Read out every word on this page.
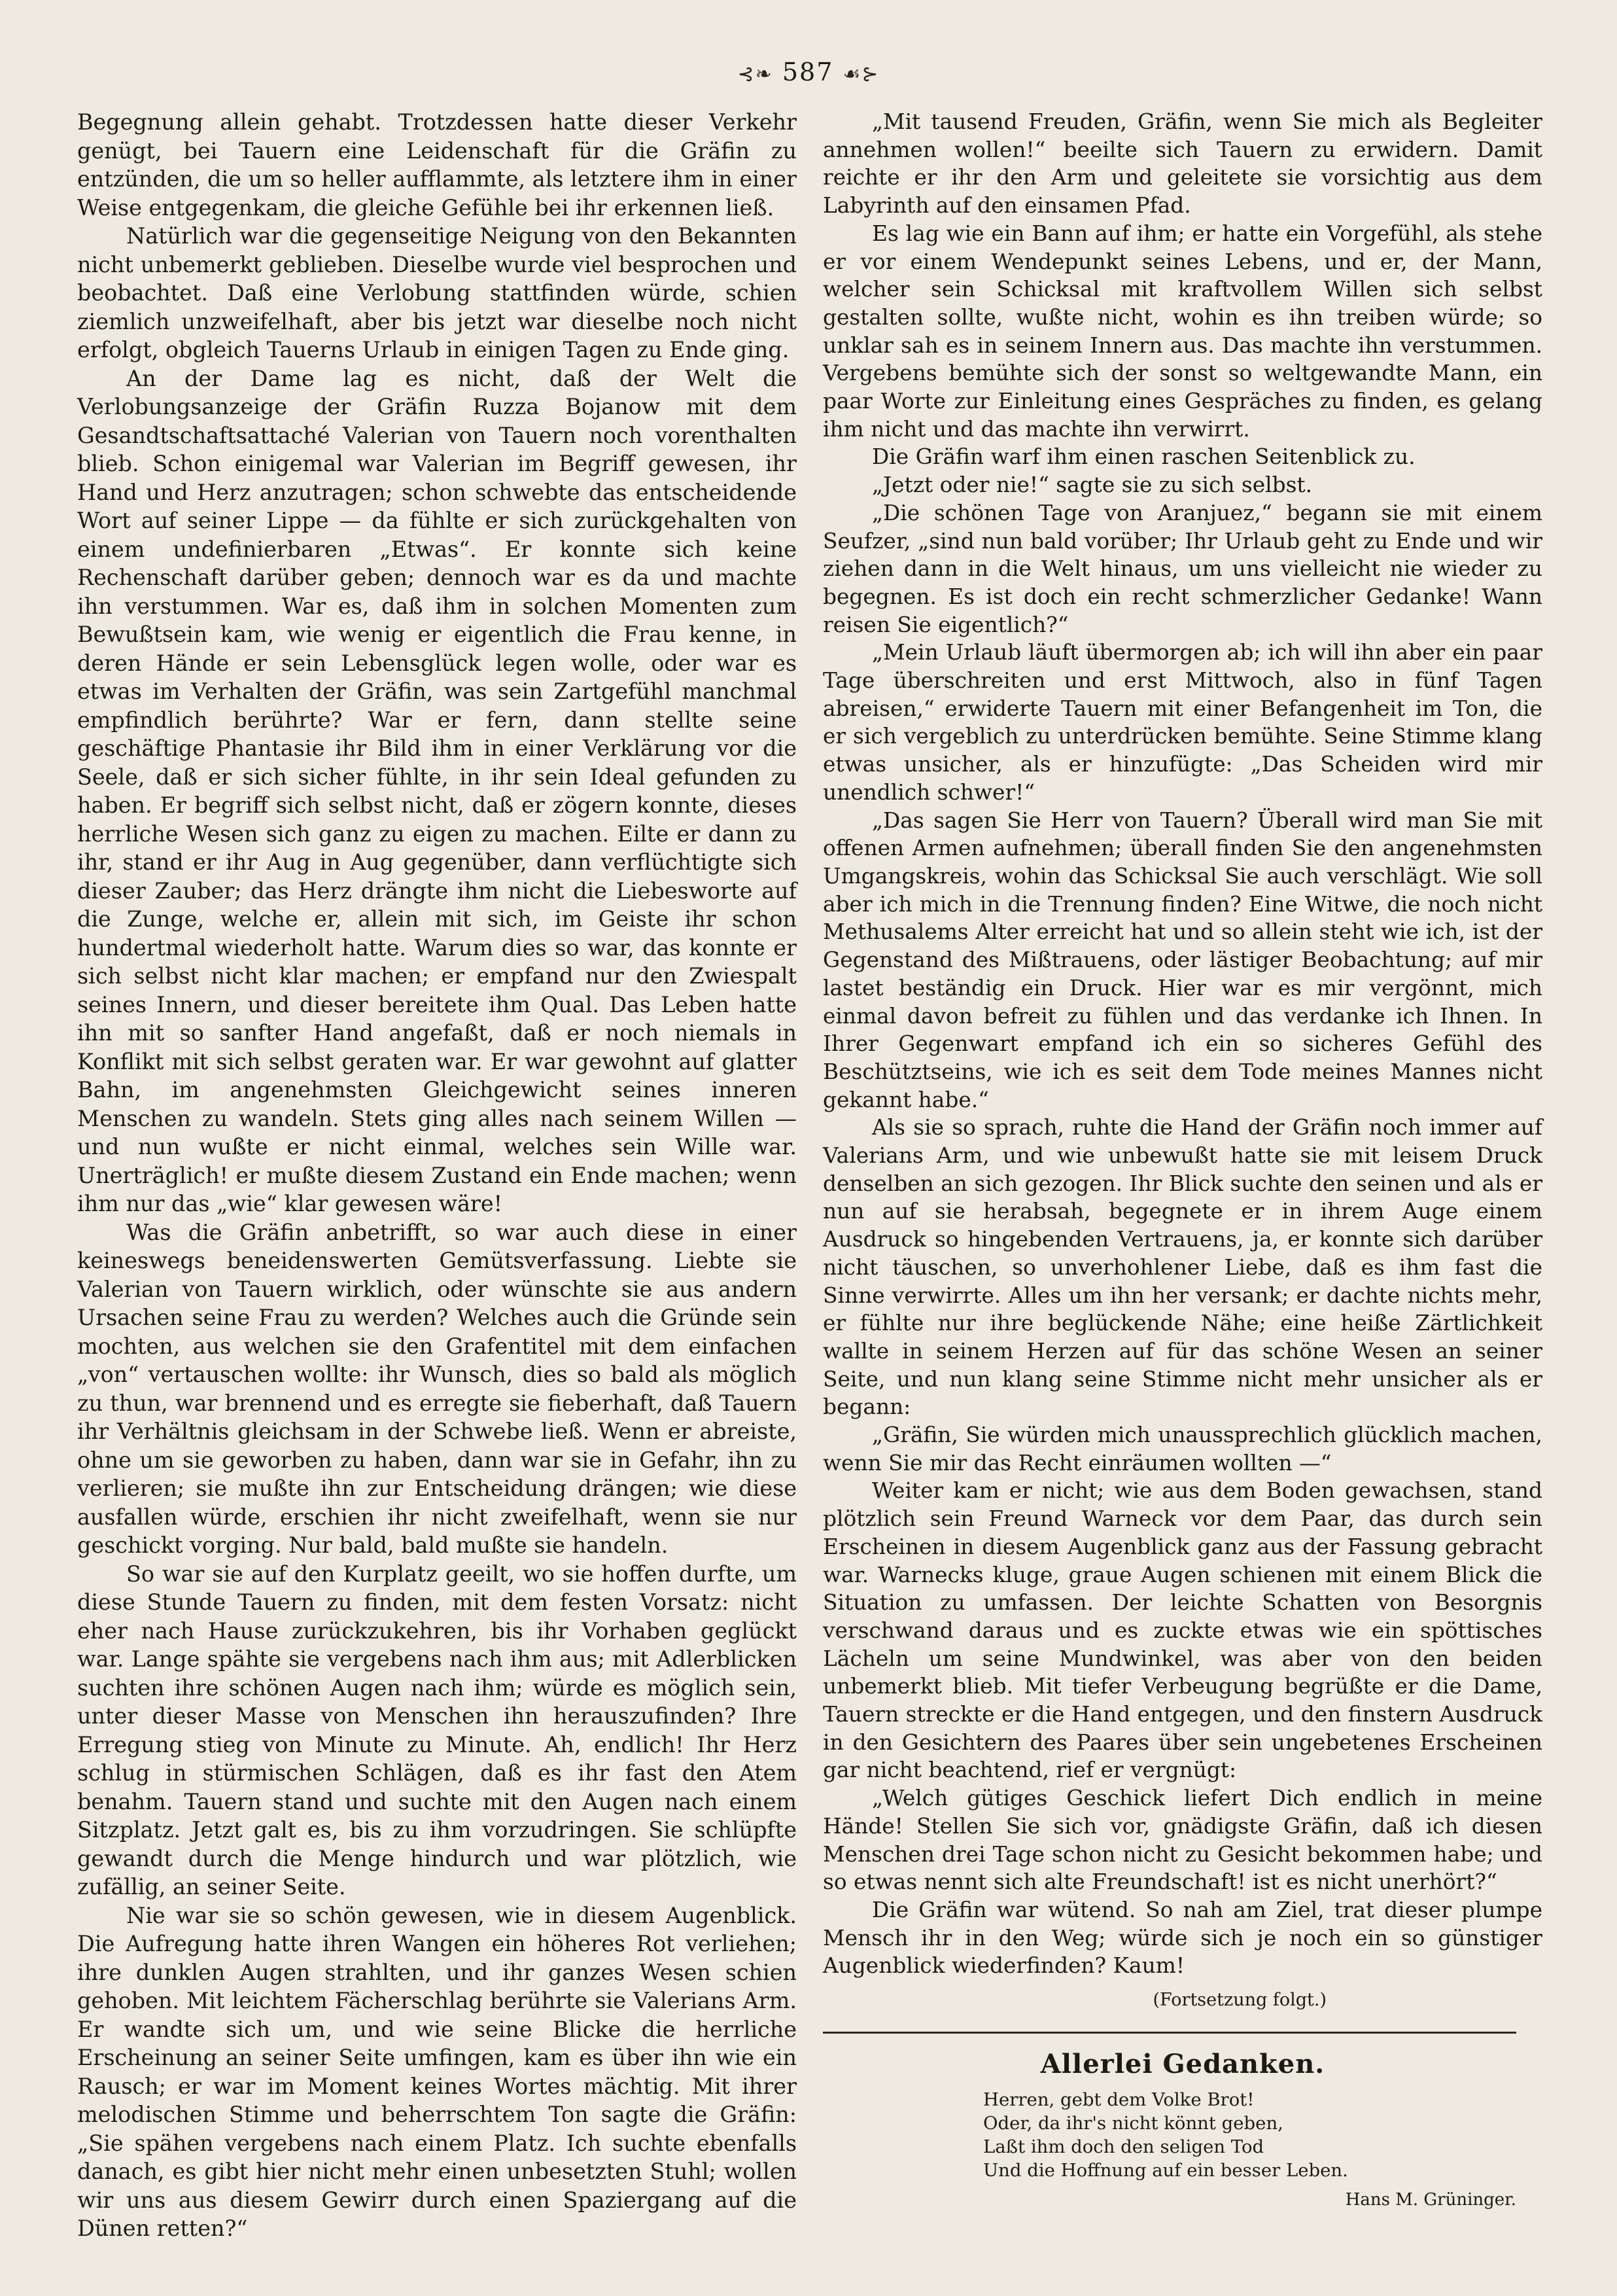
⊰❧ 587 ☙⊱

Begegnung allein gehabt. Trotzdessen hatte dieser Verkehr genügt, bei Tauern eine Leidenschaft für die Gräfin zu entzünden, die um so heller aufflammte, als letztere ihm in einer Weise entgegenkam, die gleiche Gefühle bei ihr erkennen ließ.

Natürlich war die gegenseitige Neigung von den Bekannten nicht unbemerkt geblieben. Dieselbe wurde viel besprochen und beobachtet. Daß eine Verlobung stattfinden würde, schien ziemlich unzweifelhaft, aber bis jetzt war dieselbe noch nicht erfolgt, obgleich Tauerns Urlaub in einigen Tagen zu Ende ging.

An der Dame lag es nicht, daß der Welt die Verlobungsanzeige der Gräfin Ruzza Bojanow mit dem Gesandtschaftsattaché Valerian von Tauern noch vorenthalten blieb. Schon einigemal war Valerian im Begriff gewesen, ihr Hand und Herz anzutragen; schon schwebte das entscheidende Wort auf seiner Lippe — da fühlte er sich zurückgehalten von einem undefinierbaren „Etwas“. Er konnte sich keine Rechenschaft darüber geben; dennoch war es da und machte ihn verstummen. War es, daß ihm in solchen Momenten zum Bewußtsein kam, wie wenig er eigentlich die Frau kenne, in deren Hände er sein Lebensglück legen wolle, oder war es etwas im Verhalten der Gräfin, was sein Zartgefühl manchmal empfindlich berührte? War er fern, dann stellte seine geschäftige Phantasie ihr Bild ihm in einer Verklärung vor die Seele, daß er sich sicher fühlte, in ihr sein Ideal gefunden zu haben. Er begriff sich selbst nicht, daß er zögern konnte, dieses herrliche Wesen sich ganz zu eigen zu machen. Eilte er dann zu ihr, stand er ihr Aug in Aug gegenüber, dann verflüchtigte sich dieser Zauber; das Herz drängte ihm nicht die Liebesworte auf die Zunge, welche er, allein mit sich, im Geiste ihr schon hundertmal wiederholt hatte. Warum dies so war, das konnte er sich selbst nicht klar machen; er empfand nur den Zwiespalt seines Innern, und dieser bereitete ihm Qual. Das Leben hatte ihn mit so sanfter Hand angefaßt, daß er noch niemals in Konflikt mit sich selbst geraten war. Er war gewohnt auf glatter Bahn, im angenehmsten Gleichgewicht seines inneren Menschen zu wandeln. Stets ging alles nach seinem Willen — und nun wußte er nicht einmal, welches sein Wille war. Unerträglich! er mußte diesem Zustand ein Ende machen; wenn ihm nur das „wie“ klar gewesen wäre!

Was die Gräfin anbetrifft, so war auch diese in einer keineswegs beneidenswerten Gemütsverfassung. Liebte sie Valerian von Tauern wirklich, oder wünschte sie aus andern Ursachen seine Frau zu werden? Welches auch die Gründe sein mochten, aus welchen sie den Grafentitel mit dem einfachen „von“ vertauschen wollte: ihr Wunsch, dies so bald als möglich zu thun, war brennend und es erregte sie fieberhaft, daß Tauern ihr Verhältnis gleichsam in der Schwebe ließ. Wenn er abreiste, ohne um sie geworben zu haben, dann war sie in Gefahr, ihn zu verlieren; sie mußte ihn zur Entscheidung drängen; wie diese ausfallen würde, erschien ihr nicht zweifelhaft, wenn sie nur geschickt vorging. Nur bald, bald mußte sie handeln.

So war sie auf den Kurplatz geeilt, wo sie hoffen durfte, um diese Stunde Tauern zu finden, mit dem festen Vorsatz: nicht eher nach Hause zurückzukehren, bis ihr Vorhaben geglückt war. Lange spähte sie vergebens nach ihm aus; mit Adlerblicken suchten ihre schönen Augen nach ihm; würde es möglich sein, unter dieser Masse von Menschen ihn herauszufinden? Ihre Erregung stieg von Minute zu Minute. Ah, endlich! Ihr Herz schlug in stürmischen Schlägen, daß es ihr fast den Atem benahm. Tauern stand und suchte mit den Augen nach einem Sitzplatz. Jetzt galt es, bis zu ihm vorzudringen. Sie schlüpfte gewandt durch die Menge hindurch und war plötzlich, wie zufällig, an seiner Seite.

Nie war sie so schön gewesen, wie in diesem Augenblick. Die Aufregung hatte ihren Wangen ein höheres Rot verliehen; ihre dunklen Augen strahlten, und ihr ganzes Wesen schien gehoben. Mit leichtem Fächerschlag berührte sie Valerians Arm. Er wandte sich um, und wie seine Blicke die herrliche Erscheinung an seiner Seite umfingen, kam es über ihn wie ein Rausch; er war im Moment keines Wortes mächtig. Mit ihrer melodischen Stimme und beherrschtem Ton sagte die Gräfin: „Sie spähen vergebens nach einem Platz. Ich suchte ebenfalls danach, es gibt hier nicht mehr einen unbesetzten Stuhl; wollen wir uns aus diesem Gewirr durch einen Spaziergang auf die Dünen retten?“

„Mit tausend Freuden, Gräfin, wenn Sie mich als Begleiter annehmen wollen!“ beeilte sich Tauern zu erwidern. Damit reichte er ihr den Arm und geleitete sie vorsichtig aus dem Labyrinth auf den einsamen Pfad.

Es lag wie ein Bann auf ihm; er hatte ein Vorgefühl, als stehe er vor einem Wendepunkt seines Lebens, und er, der Mann, welcher sein Schicksal mit kraftvollem Willen sich selbst gestalten sollte, wußte nicht, wohin es ihn treiben würde; so unklar sah es in seinem Innern aus. Das machte ihn verstummen. Vergebens bemühte sich der sonst so weltgewandte Mann, ein paar Worte zur Einleitung eines Gespräches zu finden, es gelang ihm nicht und das machte ihn verwirrt.

Die Gräfin warf ihm einen raschen Seitenblick zu.

„Jetzt oder nie!“ sagte sie zu sich selbst.

„Die schönen Tage von Aranjuez,“ begann sie mit einem Seufzer, „sind nun bald vorüber; Ihr Urlaub geht zu Ende und wir ziehen dann in die Welt hinaus, um uns vielleicht nie wieder zu begegnen. Es ist doch ein recht schmerzlicher Gedanke! Wann reisen Sie eigentlich?“

„Mein Urlaub läuft übermorgen ab; ich will ihn aber ein paar Tage überschreiten und erst Mittwoch, also in fünf Tagen abreisen,“ erwiderte Tauern mit einer Befangenheit im Ton, die er sich vergeblich zu unterdrücken bemühte. Seine Stimme klang etwas unsicher, als er hinzufügte: „Das Scheiden wird mir unendlich schwer!“

„Das sagen Sie Herr von Tauern? Überall wird man Sie mit offenen Armen aufnehmen; überall finden Sie den angenehmsten Umgangskreis, wohin das Schicksal Sie auch verschlägt. Wie soll aber ich mich in die Trennung finden? Eine Witwe, die noch nicht Methusalems Alter erreicht hat und so allein steht wie ich, ist der Gegenstand des Mißtrauens, oder lästiger Beobachtung; auf mir lastet beständig ein Druck. Hier war es mir vergönnt, mich einmal davon befreit zu fühlen und das verdanke ich Ihnen. In Ihrer Gegenwart empfand ich ein so sicheres Gefühl des Beschütztseins, wie ich es seit dem Tode meines Mannes nicht gekannt habe.“

Als sie so sprach, ruhte die Hand der Gräfin noch immer auf Valerians Arm, und wie unbewußt hatte sie mit leisem Druck denselben an sich gezogen. Ihr Blick suchte den seinen und als er nun auf sie herabsah, begegnete er in ihrem Auge einem Ausdruck so hingebenden Vertrauens, ja, er konnte sich darüber nicht täuschen, so unverhohlener Liebe, daß es ihm fast die Sinne verwirrte. Alles um ihn her versank; er dachte nichts mehr, er fühlte nur ihre beglückende Nähe; eine heiße Zärtlichkeit wallte in seinem Herzen auf für das schöne Wesen an seiner Seite, und nun klang seine Stimme nicht mehr unsicher als er begann:

„Gräfin, Sie würden mich unaussprechlich glücklich machen, wenn Sie mir das Recht einräumen wollten —“

Weiter kam er nicht; wie aus dem Boden gewachsen, stand plötzlich sein Freund Warneck vor dem Paar, das durch sein Erscheinen in diesem Augenblick ganz aus der Fassung gebracht war. Warnecks kluge, graue Augen schienen mit einem Blick die Situation zu umfassen. Der leichte Schatten von Besorgnis verschwand daraus und es zuckte etwas wie ein spöttisches Lächeln um seine Mundwinkel, was aber von den beiden unbemerkt blieb. Mit tiefer Verbeugung begrüßte er die Dame, Tauern streckte er die Hand entgegen, und den finstern Ausdruck in den Gesichtern des Paares über sein ungebetenes Erscheinen gar nicht beachtend, rief er vergnügt:

„Welch gütiges Geschick liefert Dich endlich in meine Hände! Stellen Sie sich vor, gnädigste Gräfin, daß ich diesen Menschen drei Tage schon nicht zu Gesicht bekommen habe; und so etwas nennt sich alte Freundschaft! ist es nicht unerhört?“

Die Gräfin war wütend. So nah am Ziel, trat dieser plumpe Mensch ihr in den Weg; würde sich je noch ein so günstiger Augenblick wiederfinden? Kaum!

(Fortsetzung folgt.)
Allerlei Gedanken.
Herren, gebt dem Volke Brot!
Oder, da ihr's nicht könnt geben,
Laßt ihm doch den seligen Tod
Und die Hoffnung auf ein besser Leben.
Hans M. Grüninger.
